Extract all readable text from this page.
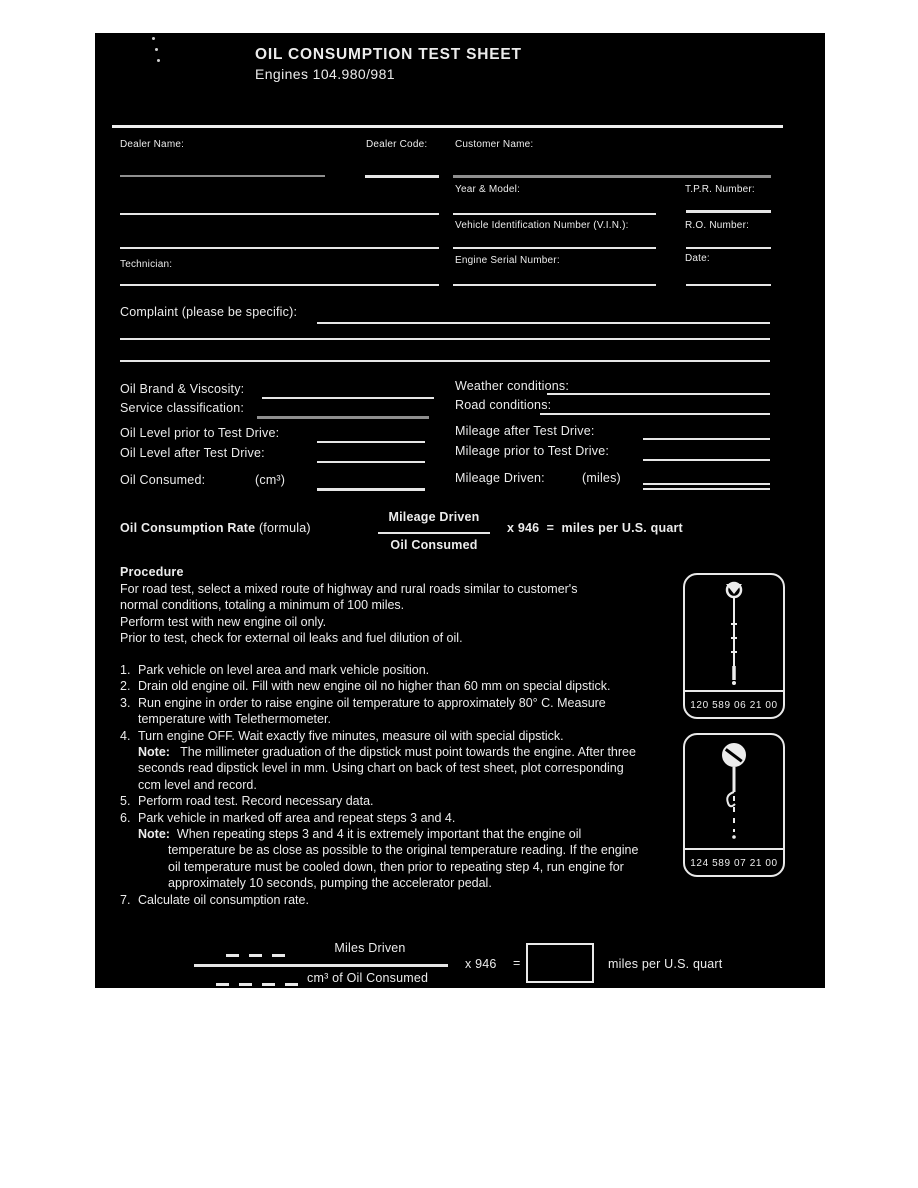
OIL CONSUMPTION TEST SHEET
Engines 104.980/981
Dealer Name:	Dealer Code:	Customer Name:
Year & Model:	T.P.R. Number:
Vehicle Identification Number (V.I.N.):	R.O. Number:
Engine Serial Number:	Date:
Technician:
Complaint (please be specific):
Oil Brand & Viscosity:	Weather conditions:
Service classification:	Road conditions:
Oil Level prior to Test Drive:	Mileage after Test Drive:
Oil Level after Test Drive:	Mileage prior to Test Drive:
Oil Consumed:	(cm³)	Mileage Driven:	(miles)
Oil Consumption Rate (formula)
Mileage Driven
Oil Consumed
x 946 = miles per U.S. quart
Procedure
For road test, select a mixed route of highway and rural roads similar to customer's
normal conditions, totaling a minimum of 100 miles.
Perform test with new engine oil only.
Prior to test, check for external oil leaks and fuel dilution of oil.
1. Park vehicle on level area and mark vehicle position.
2. Drain old engine oil. Fill with new engine oil no higher than 60 mm on special dipstick.
3. Run engine in order to raise engine oil temperature to approximately 80° C. Measure temperature with Telethermometer.
4. Turn engine OFF. Wait exactly five minutes, measure oil with special dipstick.
Note: The millimeter graduation of the dipstick must point towards the engine. After three seconds read dipstick level in mm. Using chart on back of test sheet, plot corresponding ccm level and record.
5. Perform road test. Record necessary data.
6. Park vehicle in marked off area and repeat steps 3 and 4.
Note: When repeating steps 3 and 4 it is extremely important that the engine oil temperature be as close as possible to the original temperature reading. If the engine oil temperature must be cooled down, then prior to repeating step 4, run engine for approximately 10 seconds, pumping the accelerator pedal.
7. Calculate oil consumption rate.
120 589 06 21 00
124 589 07 21 00
Miles Driven
cm³ of Oil Consumed
x 946 =	miles per U.S. quart
